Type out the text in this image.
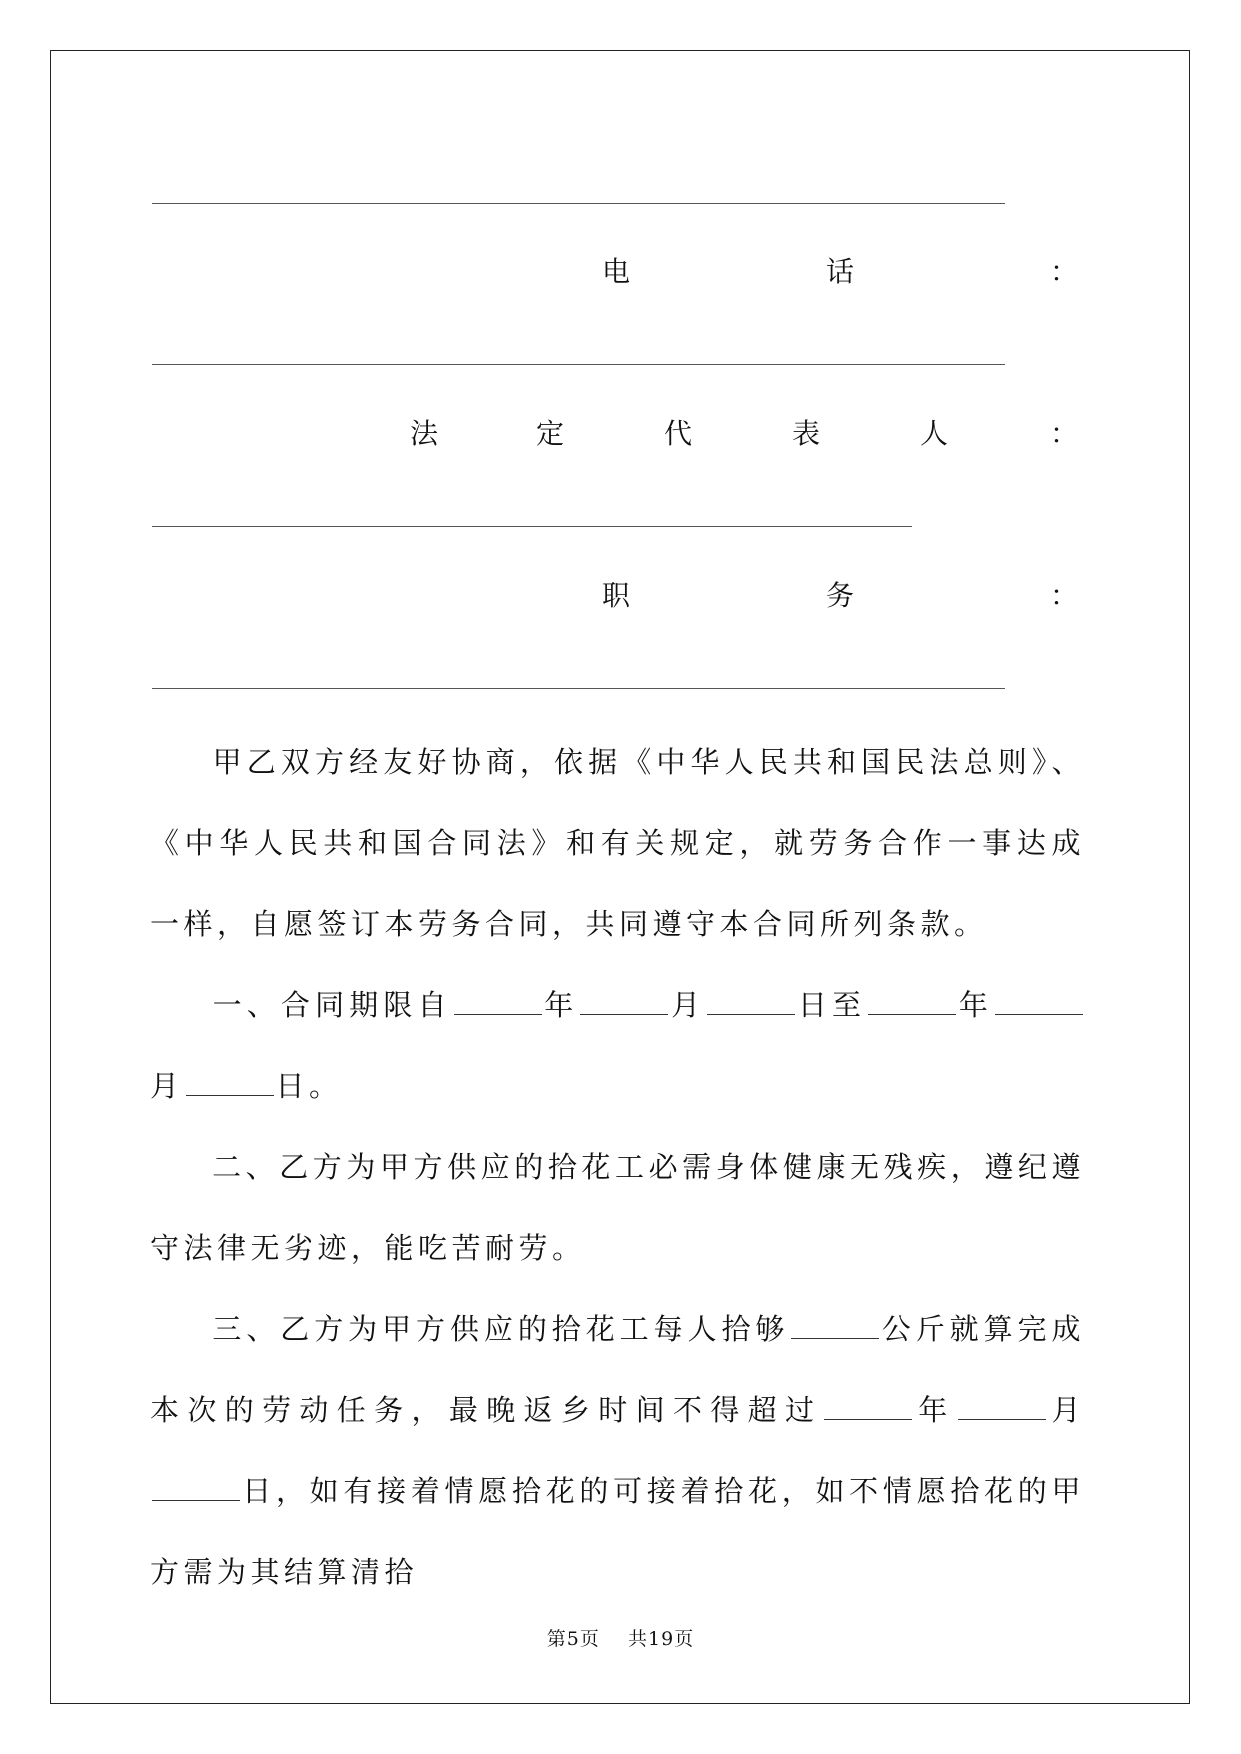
电	话	：
法	定	代	表	人	：
职	务	：

甲乙双方经友好协商，依据《中华人民共和国民法总则》、《中华人民共和国合同法》和有关规定，就劳务合作一事达成一样，自愿签订本劳务合同，共同遵守本合同所列条款。

一、合同期限自	年	月	日至	年月	日。

二、乙方为甲方供应的拾花工必需身体健康无残疾，遵纪遵守法律无劣迹，能吃苦耐劳。

三、乙方为甲方供应的拾花工每人拾够	公斤就算完成本次的劳动任务，最晚返乡时间不得超过	年	月日，如有接着情愿拾花的可接着拾花，如不情愿拾花的甲方需为其结算清拾

第5页 共19页
